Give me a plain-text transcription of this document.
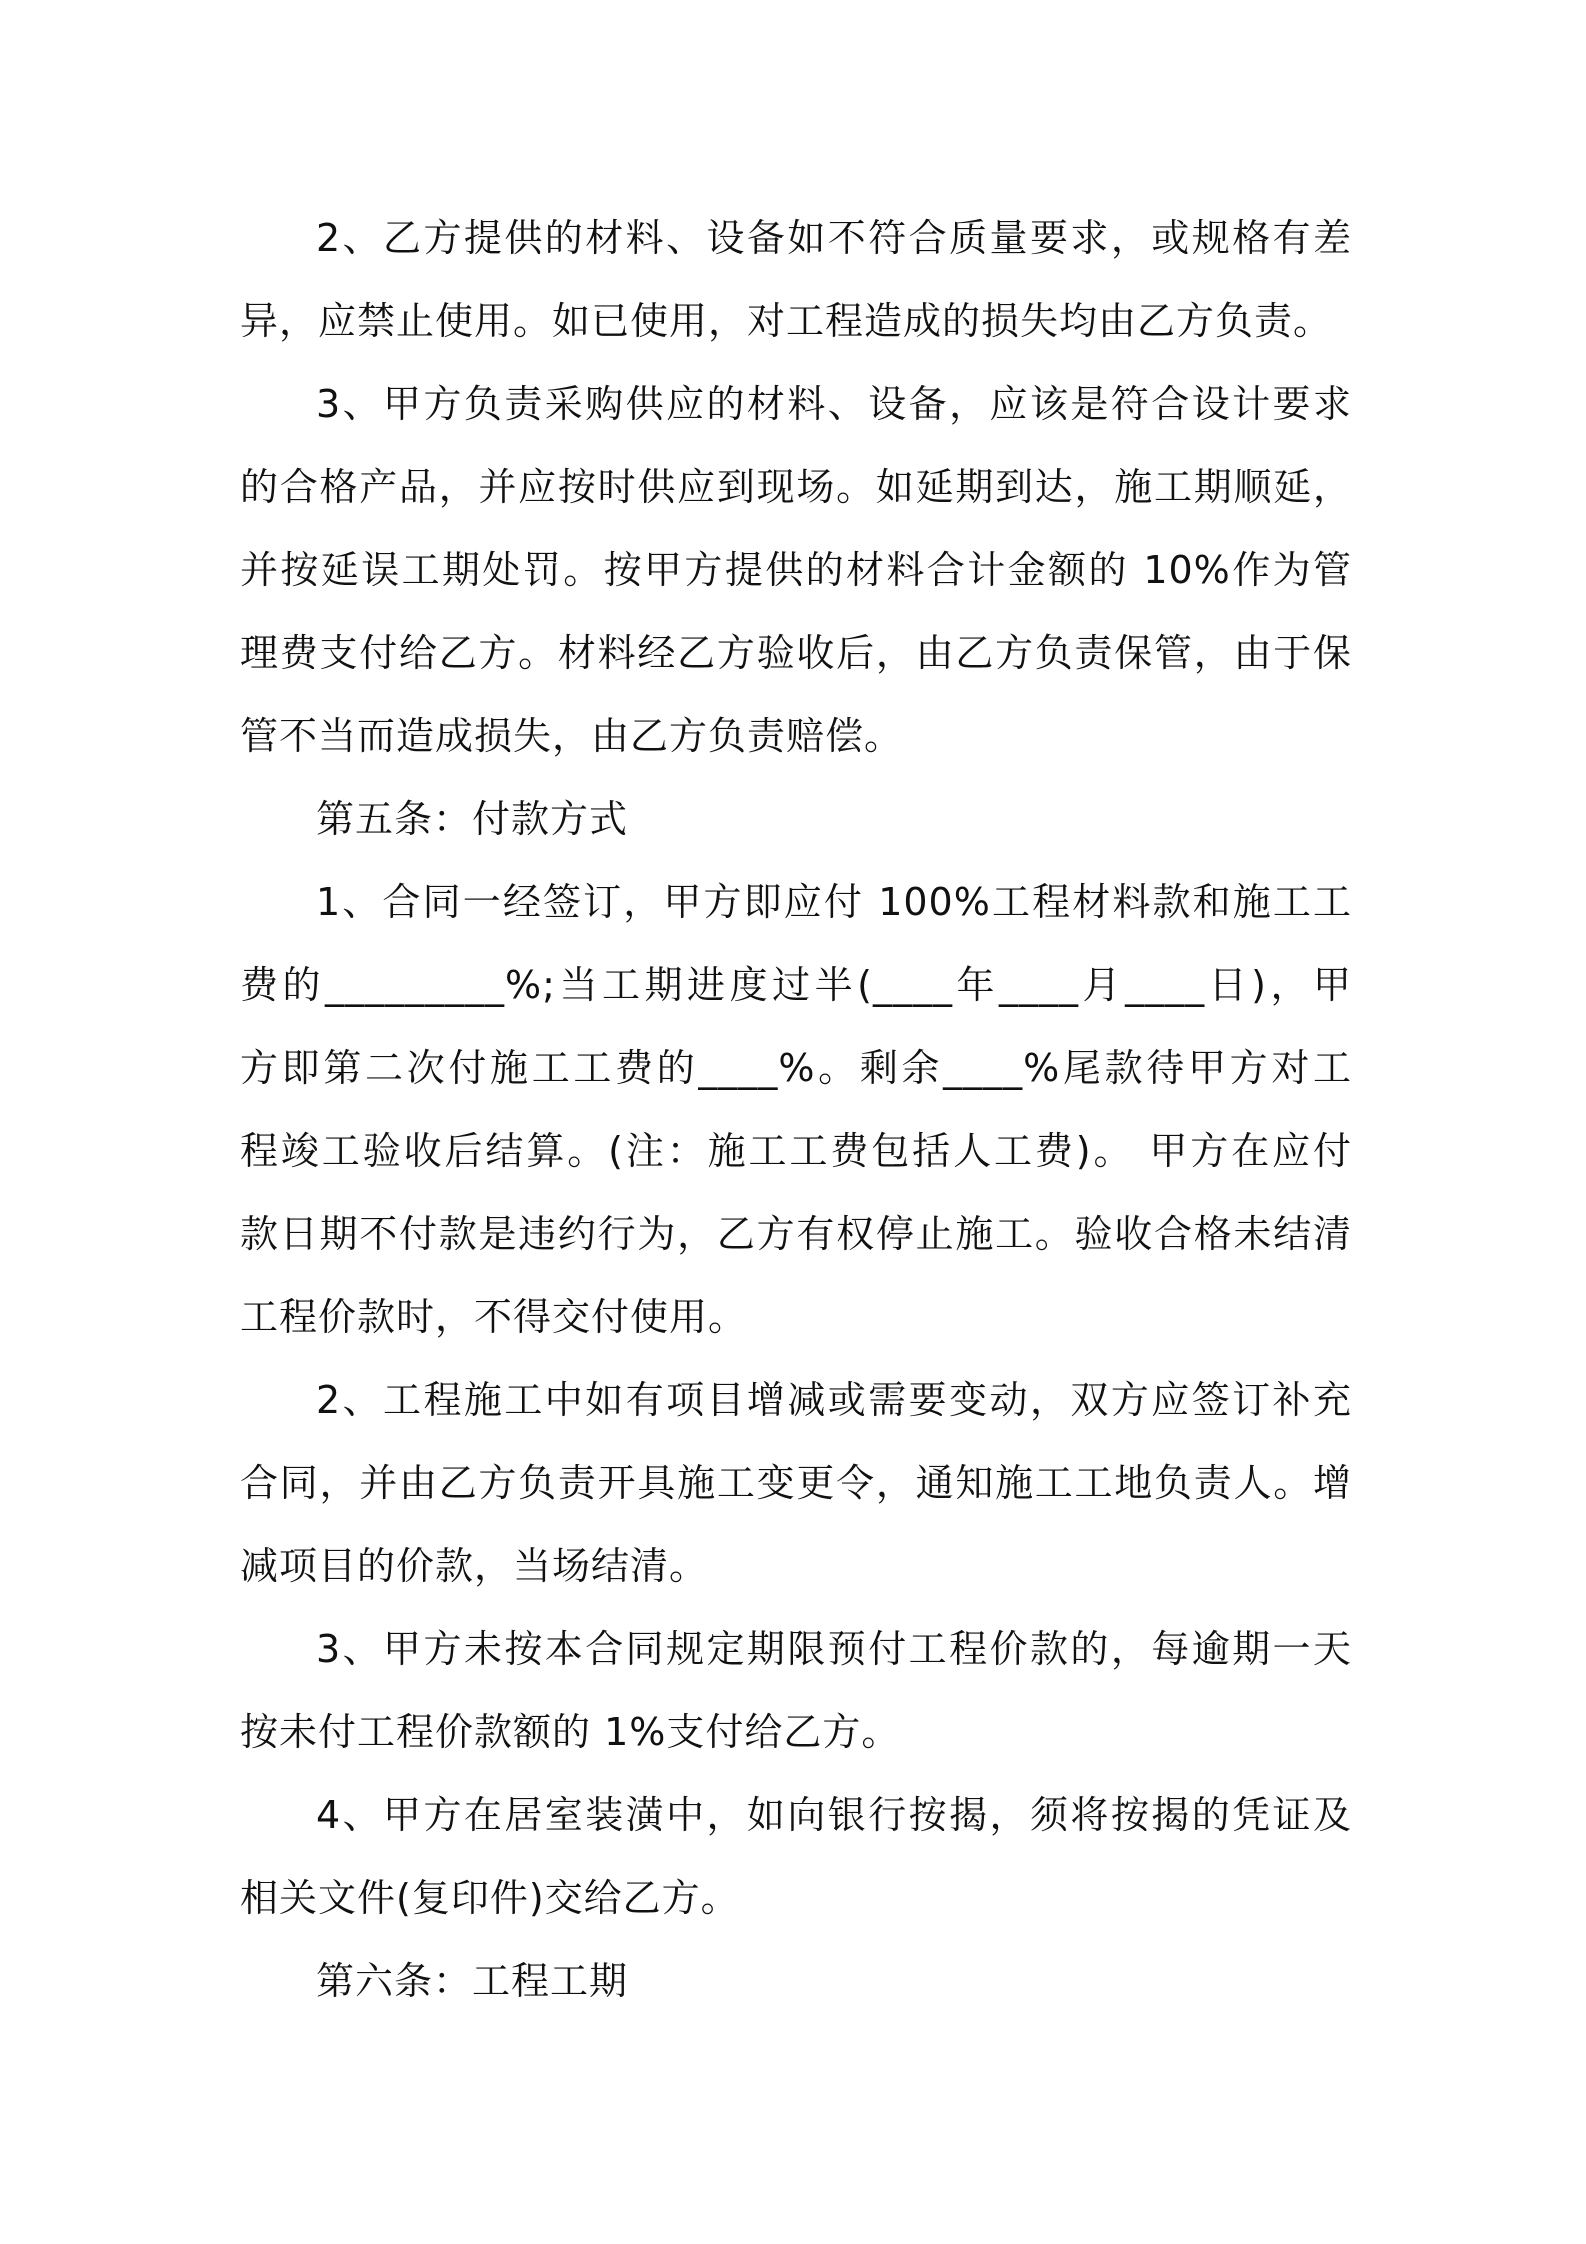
2、乙方提供的材料、设备如不符合质量要求，或规格有差
异，应禁止使用。如已使用，对工程造成的损失均由乙方负责。

3、甲方负责采购供应的材料、设备，应该是符合设计要求
的合格产品，并应按时供应到现场。如延期到达，施工期顺延，
并按延误工期处罚。按甲方提供的材料合计金额的 10%作为管
理费支付给乙方。材料经乙方验收后，由乙方负责保管，由于保
管不当而造成损失，由乙方负责赔偿。

第五条：付款方式

1、合同一经签订，甲方即应付 100%工程材料款和施工工
费的_________%;当工期进度过半(____年____月____日)，甲
方即第二次付施工工费的____%。剩余____%尾款待甲方对工
程竣工验收后结算。(注：施工工费包括人工费)。 甲方在应付
款日期不付款是违约行为，乙方有权停止施工。验收合格未结清
工程价款时，不得交付使用。

2、工程施工中如有项目增减或需要变动，双方应签订补充
合同，并由乙方负责开具施工变更令，通知施工工地负责人。增
减项目的价款，当场结清。

3、甲方未按本合同规定期限预付工程价款的，每逾期一天
按未付工程价款额的 1%支付给乙方。

4、甲方在居室装潢中，如向银行按揭，须将按揭的凭证及
相关文件(复印件)交给乙方。

第六条：工程工期
